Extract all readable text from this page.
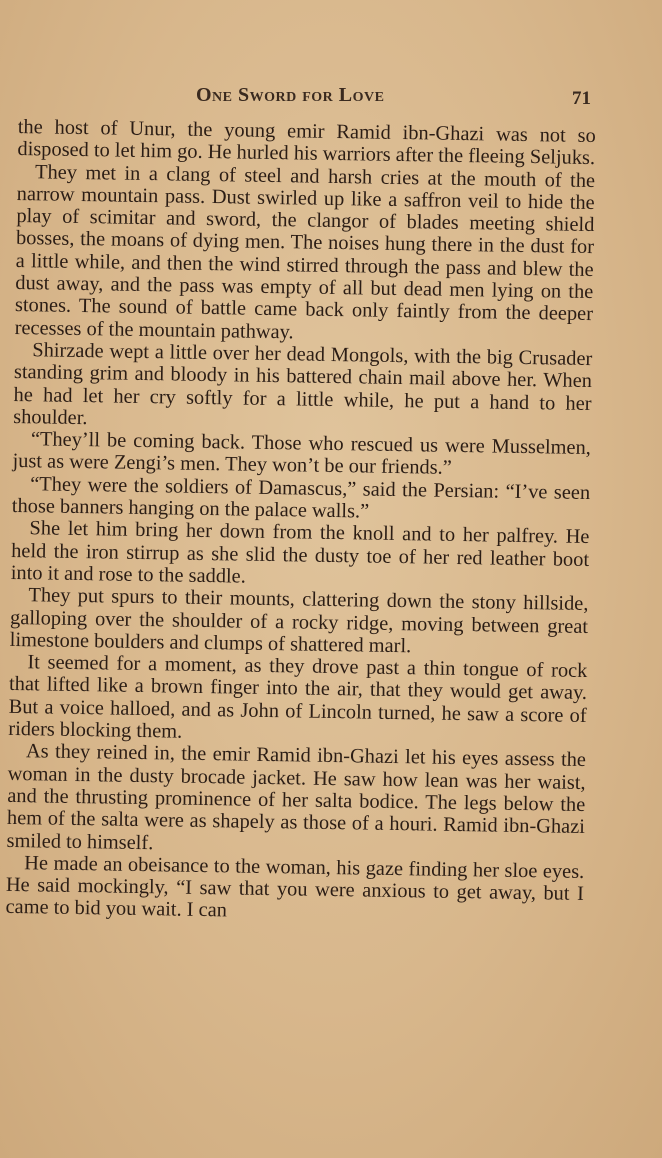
One Sword for Love	71

the host of Unur, the young emir Ramid ibn-Ghazi was not so disposed to let him go. He hurled his warriors after the fleeing Seljuks.

They met in a clang of steel and harsh cries at the mouth of the narrow mountain pass. Dust swirled up like a saffron veil to hide the play of scimitar and sword, the clangor of blades meeting shield bosses, the moans of dying men. The noises hung there in the dust for a little while, and then the wind stirred through the pass and blew the dust away, and the pass was empty of all but dead men lying on the stones. The sound of battle came back only faintly from the deeper recesses of the mountain pathway.

Shirzade wept a little over her dead Mongols, with the big Crusader standing grim and bloody in his battered chain mail above her. When he had let her cry softly for a little while, he put a hand to her shoulder.

“They’ll be coming back. Those who rescued us were Musselmen, just as were Zengi’s men. They won’t be our friends.”

“They were the soldiers of Damascus,” said the Persian: “I’ve seen those banners hanging on the palace walls.”

She let him bring her down from the knoll and to her palfrey. He held the iron stirrup as she slid the dusty toe of her red leather boot into it and rose to the saddle.

They put spurs to their mounts, clattering down the stony hillside, galloping over the shoulder of a rocky ridge, moving between great limestone boulders and clumps of shattered marl.

It seemed for a moment, as they drove past a thin tongue of rock that lifted like a brown finger into the air, that they would get away. But a voice halloed, and as John of Lincoln turned, he saw a score of riders blocking them.

As they reined in, the emir Ramid ibn-Ghazi let his eyes assess the woman in the dusty brocade jacket. He saw how lean was her waist, and the thrusting prominence of her salta bodice. The legs below the hem of the salta were as shapely as those of a houri. Ramid ibn-Ghazi smiled to himself.

He made an obeisance to the woman, his gaze finding her sloe eyes. He said mockingly, “I saw that you were anxious to get away, but I came to bid you wait. I can
